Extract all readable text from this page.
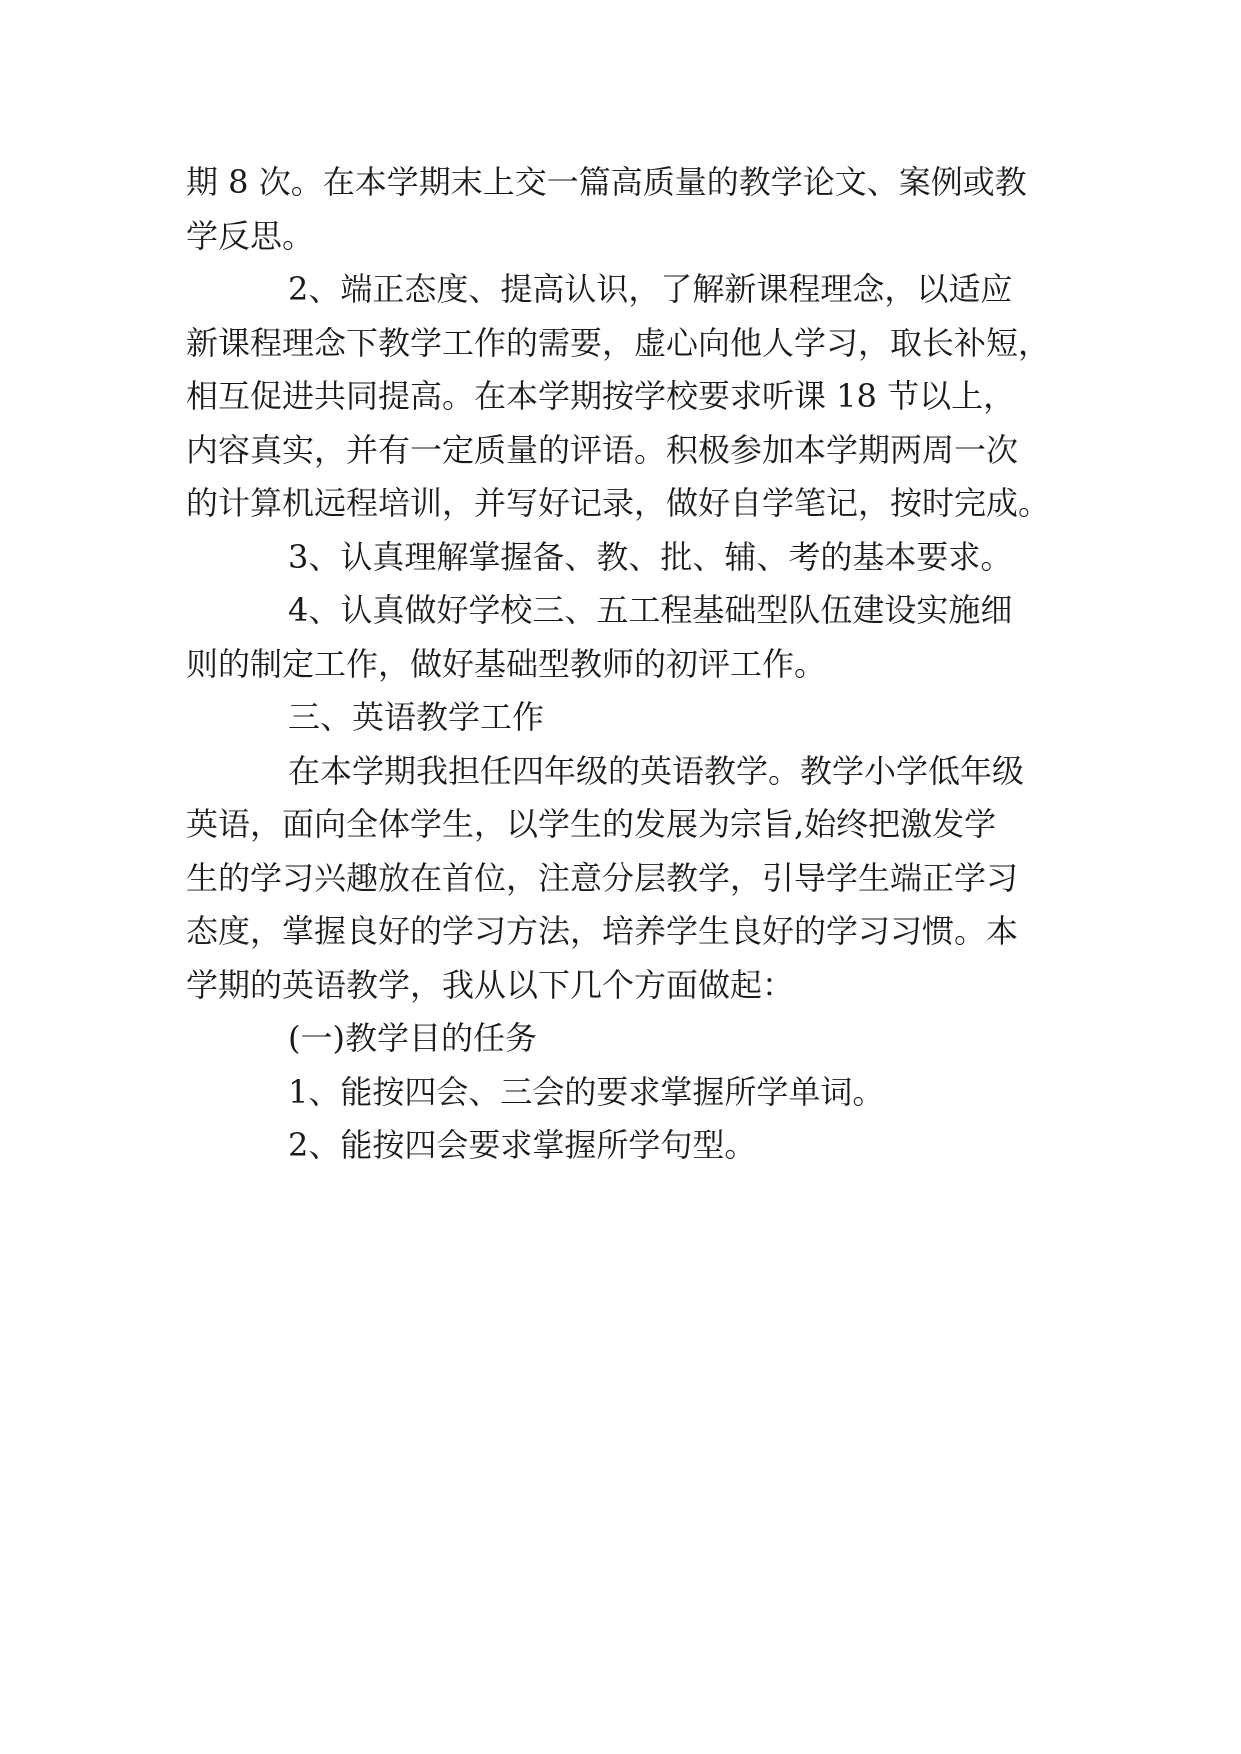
期 8 次。在本学期末上交一篇高质量的教学论文、案例或教
学反思。
2、端正态度、提高认识，了解新课程理念，以适应
新课程理念下教学工作的需要，虚心向他人学习，取长补短，
相互促进共同提高。在本学期按学校要求听课 18 节以上，
内容真实，并有一定质量的评语。积极参加本学期两周一次
的计算机远程培训，并写好记录，做好自学笔记，按时完成。
3、认真理解掌握备、教、批、辅、考的基本要求。
4、认真做好学校三、五工程基础型队伍建设实施细
则的制定工作，做好基础型教师的初评工作。
三、英语教学工作
在本学期我担任四年级的英语教学。教学小学低年级
英语，面向全体学生，以学生的发展为宗旨,始终把激发学
生的学习兴趣放在首位，注意分层教学，引导学生端正学习
态度，掌握良好的学习方法，培养学生良好的学习习惯。本
学期的英语教学，我从以下几个方面做起：
(一)教学目的任务
1、能按四会、三会的要求掌握所学单词。
2、能按四会要求掌握所学句型。
